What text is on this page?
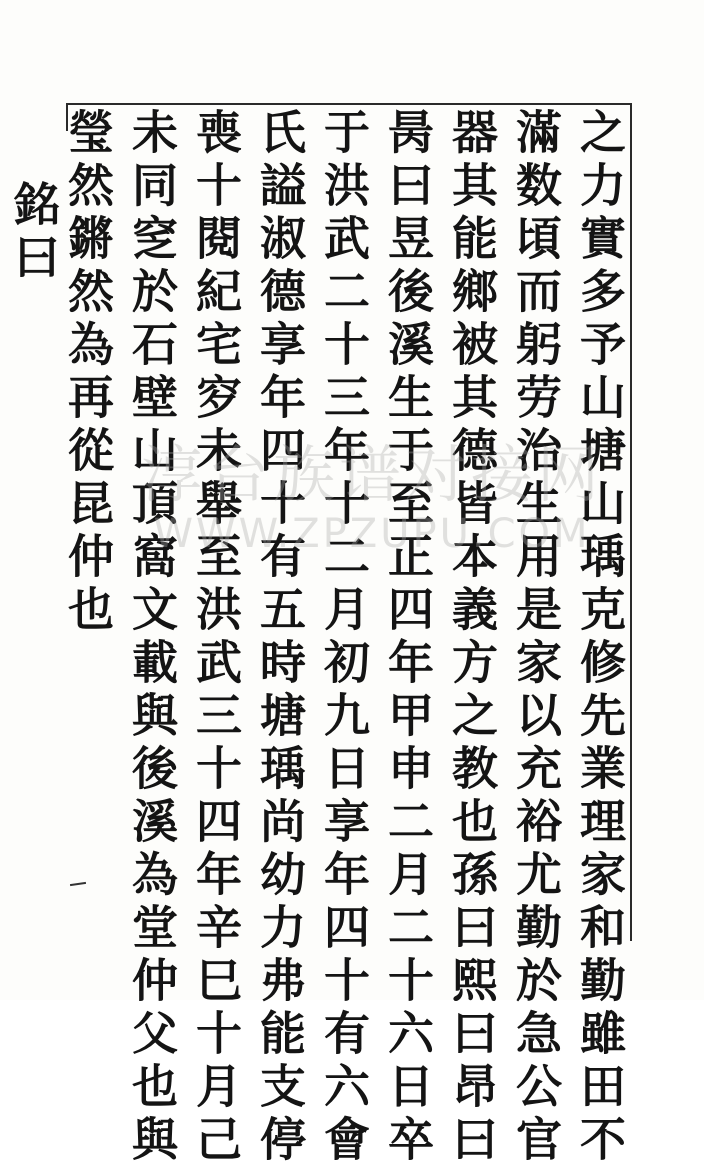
之力實多予山塘山瑀克修先業理家和勤雖田不
滿数頃而躬劳治生用是家以充裕尤勤於急公官
器其能鄉被其德皆本義方之教也孫曰熙曰昂曰
昺曰昱後溪生于至正四年甲申二月二十六日卒
于洪武二十三年十二月初九日享年四十有六會
氏謚淑德享年四十有五時塘瑀尚幼力弗能支停
喪十閱紀宅穸未舉至洪武三十四年辛巳十月己
未同窆於石壁山頂窩文載與後溪為堂仲父也與
瑩然鏘然為再從昆仲也
銘曰
淳台族谱对接网
WWW.ZPZUPU.COM
